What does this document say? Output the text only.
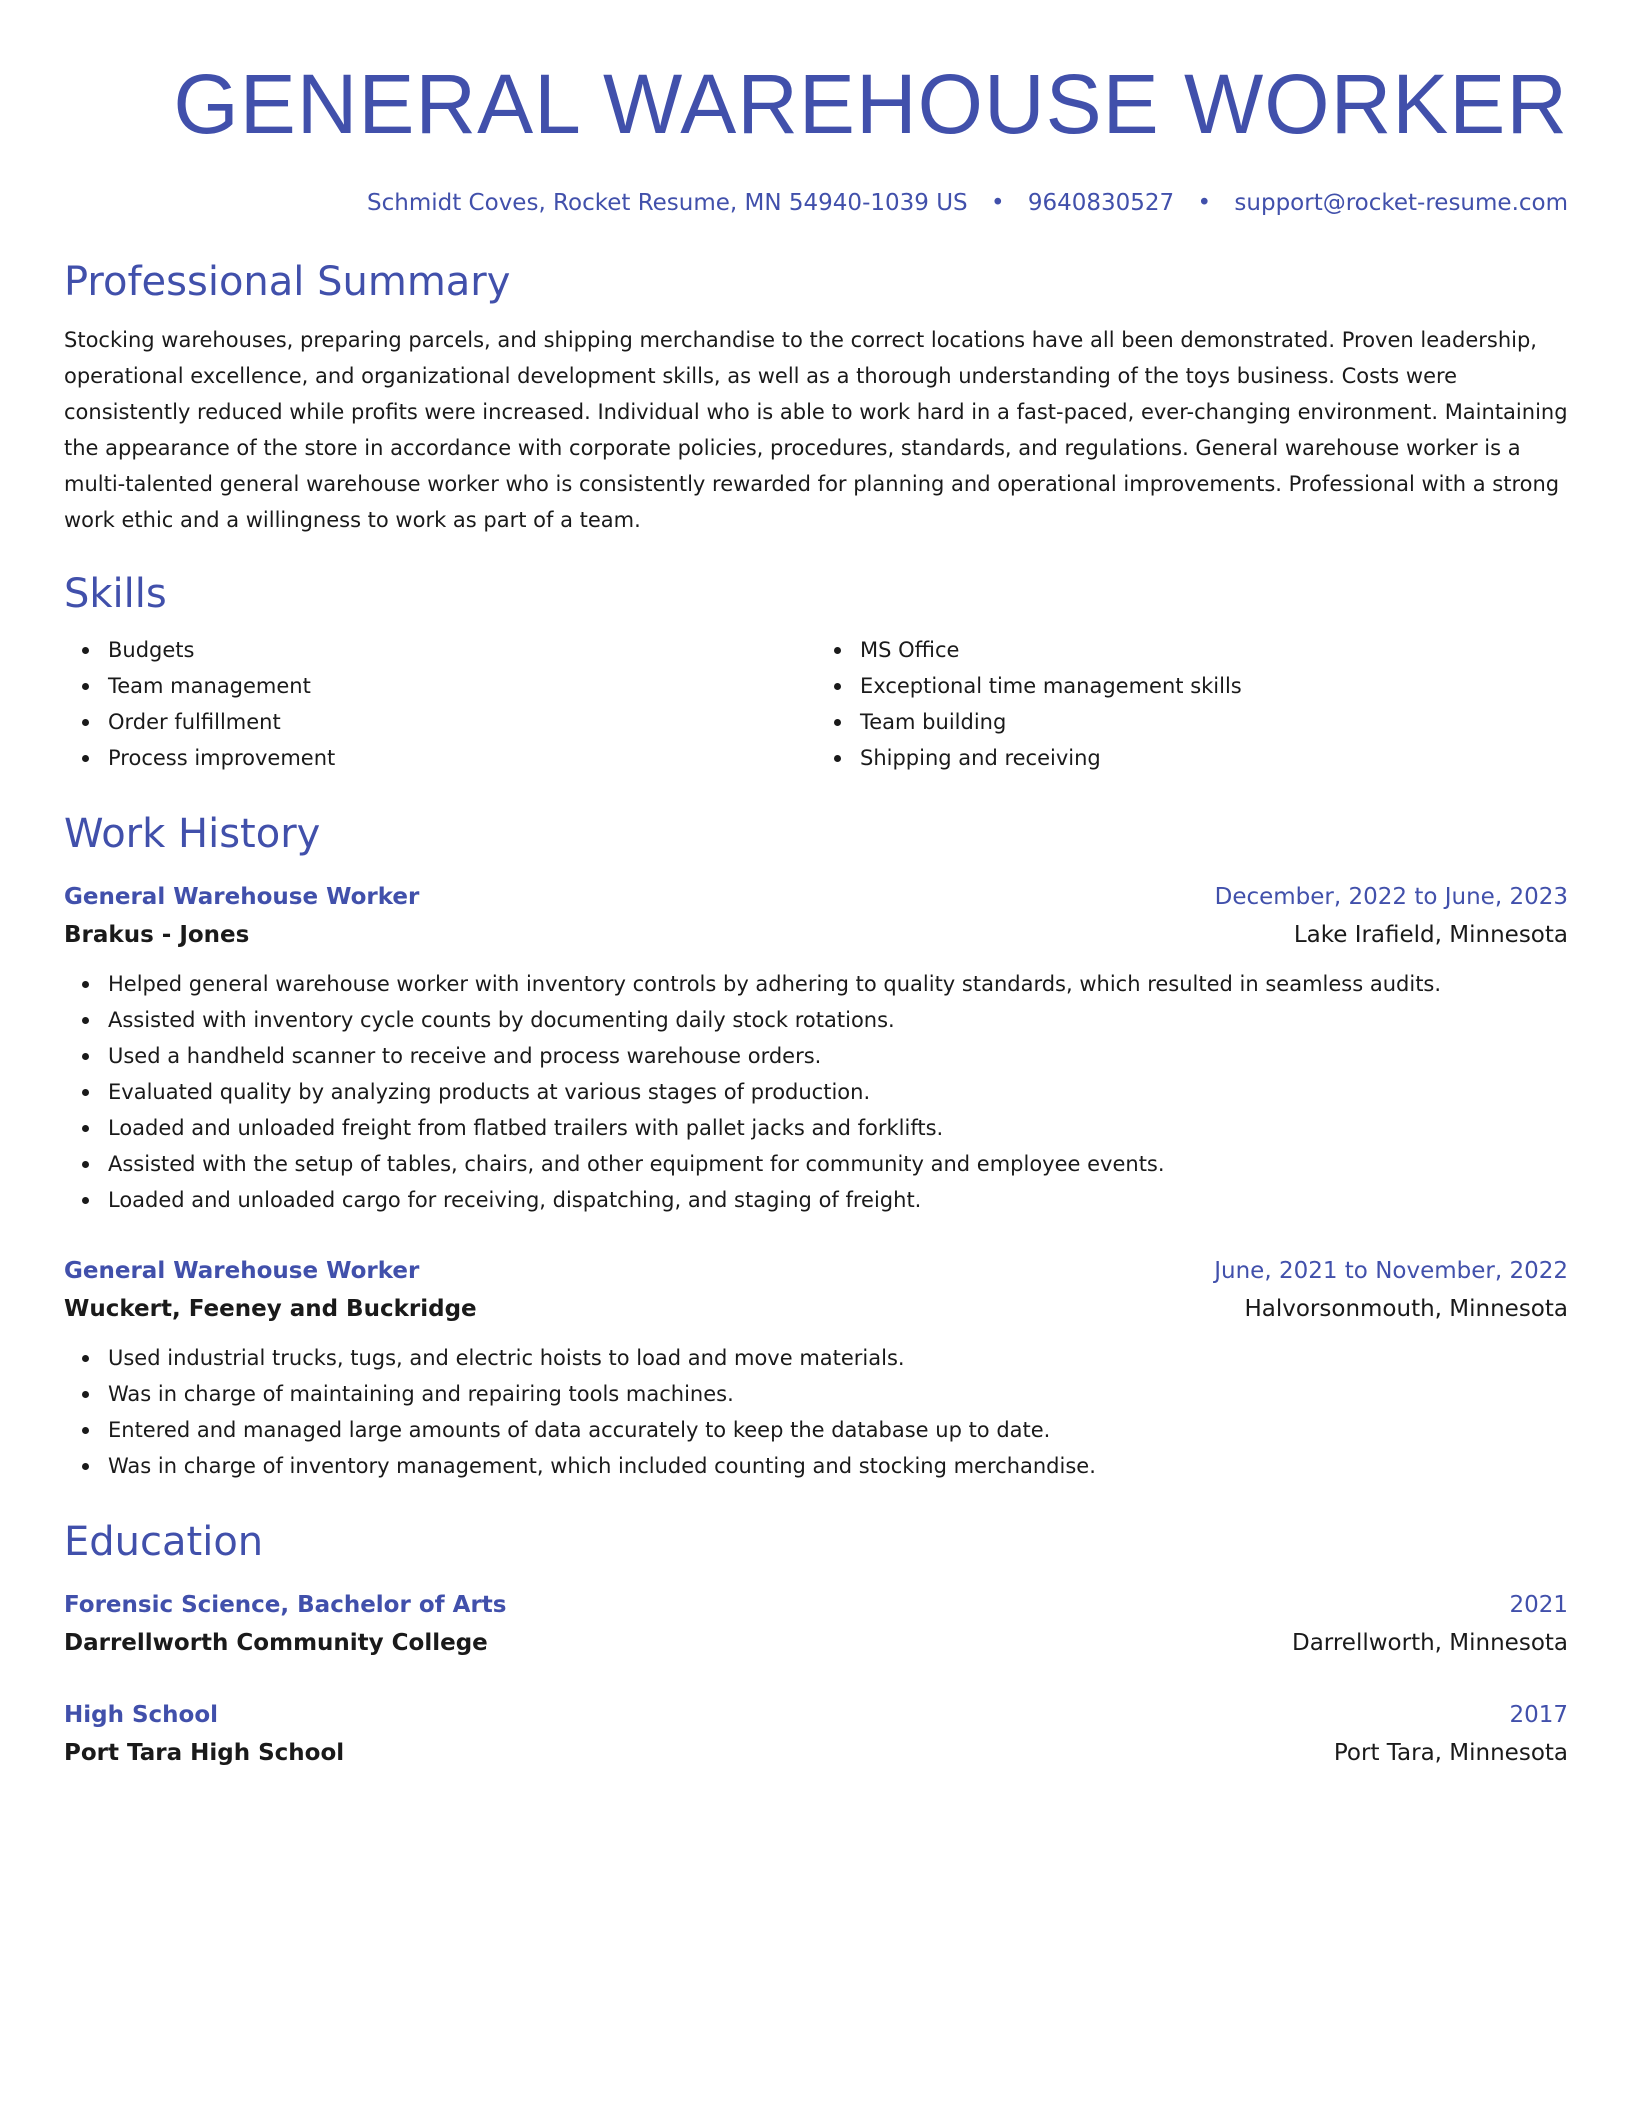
GENERAL WAREHOUSE WORKER
Schmidt Coves, Rocket Resume, MN 54940-1039 US • 9640830527 • support@rocket-resume.com
Professional Summary
Stocking warehouses, preparing parcels, and shipping merchandise to the correct locations have all been demonstrated. Proven leadership, operational excellence, and organizational development skills, as well as a thorough understanding of the toys business. Costs were consistently reduced while profits were increased. Individual who is able to work hard in a fast-paced, ever-changing environment. Maintaining the appearance of the store in accordance with corporate policies, procedures, standards, and regulations. General warehouse worker is a multi-talented general warehouse worker who is consistently rewarded for planning and operational improvements. Professional with a strong work ethic and a willingness to work as part of a team.
Skills
Budgets
Team management
Order fulfillment
Process improvement
MS Office
Exceptional time management skills
Team building
Shipping and receiving
Work History
General Warehouse Worker	December, 2022 to June, 2023
Brakus - Jones	Lake Irafield, Minnesota
Helped general warehouse worker with inventory controls by adhering to quality standards, which resulted in seamless audits.
Assisted with inventory cycle counts by documenting daily stock rotations.
Used a handheld scanner to receive and process warehouse orders.
Evaluated quality by analyzing products at various stages of production.
Loaded and unloaded freight from flatbed trailers with pallet jacks and forklifts.
Assisted with the setup of tables, chairs, and other equipment for community and employee events.
Loaded and unloaded cargo for receiving, dispatching, and staging of freight.
General Warehouse Worker	June, 2021 to November, 2022
Wuckert, Feeney and Buckridge	Halvorsonmouth, Minnesota
Used industrial trucks, tugs, and electric hoists to load and move materials.
Was in charge of maintaining and repairing tools machines.
Entered and managed large amounts of data accurately to keep the database up to date.
Was in charge of inventory management, which included counting and stocking merchandise.
Education
Forensic Science, Bachelor of Arts	2021
Darrellworth Community College	Darrellworth, Minnesota
High School	2017
Port Tara High School	Port Tara, Minnesota
